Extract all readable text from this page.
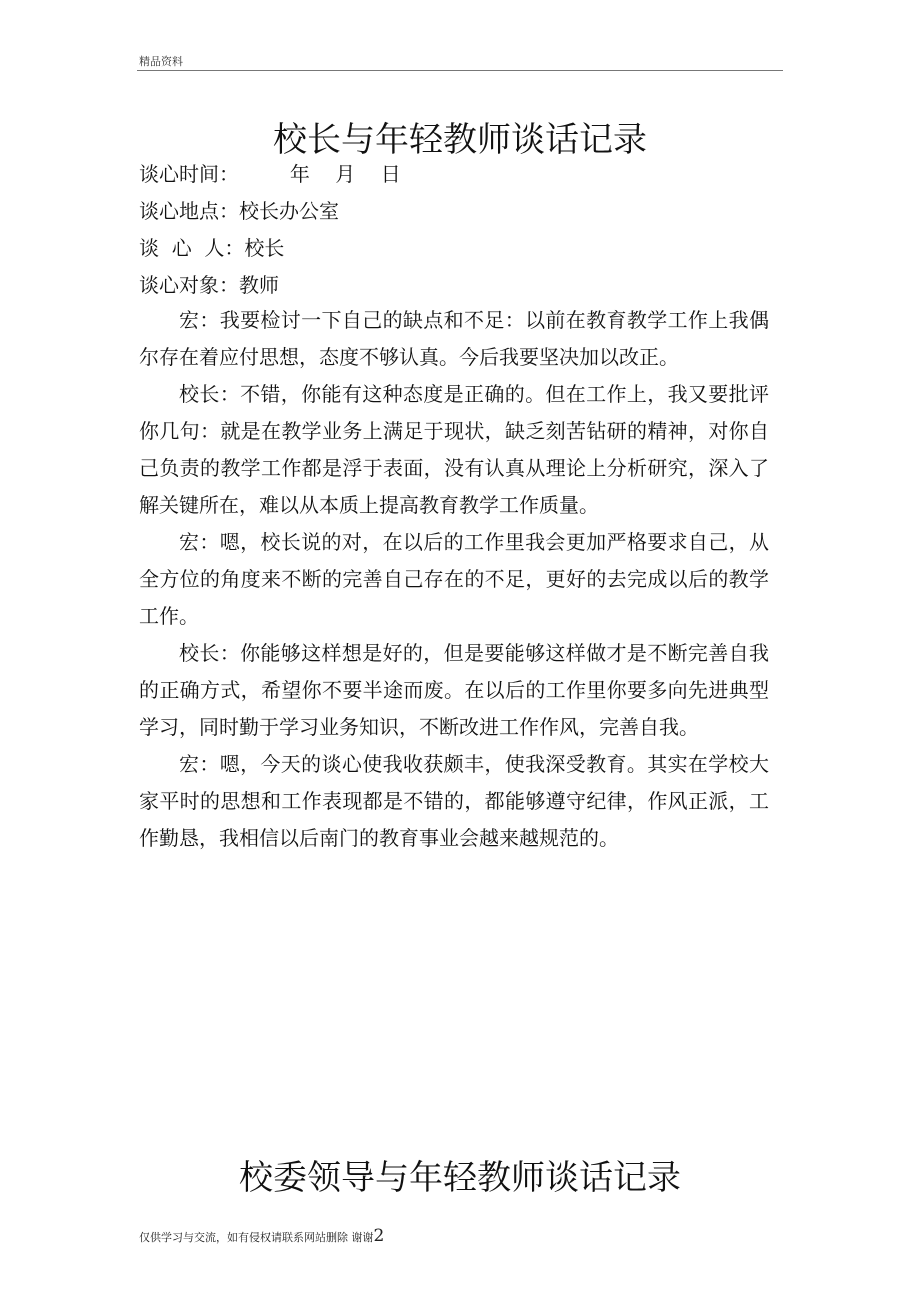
精品资料
校长与年轻教师谈话记录
谈心时间：        年    月    日
谈心地点：校长办公室
谈  心  人：校长
谈心对象：教师

宏：我要检讨一下自己的缺点和不足：以前在教育教学工作上我偶尔存在着应付思想，态度不够认真。今后我要坚决加以改正。

校长：不错，你能有这种态度是正确的。但在工作上，我又要批评你几句：就是在教学业务上满足于现状，缺乏刻苦钻研的精神，对你自己负责的教学工作都是浮于表面，没有认真从理论上分析研究，深入了解关键所在，难以从本质上提高教育教学工作质量。

宏：嗯，校长说的对，在以后的工作里我会更加严格要求自己，从全方位的角度来不断的完善自己存在的不足，更好的去完成以后的教学工作。

校长：你能够这样想是好的，但是要能够这样做才是不断完善自我的正确方式，希望你不要半途而废。在以后的工作里你要多向先进典型学习，同时勤于学习业务知识，不断改进工作作风，完善自我。

宏：嗯，今天的谈心使我收获颇丰，使我深受教育。其实在学校大家平时的思想和工作表现都是不错的，都能够遵守纪律，作风正派，工作勤恳，我相信以后南门的教育事业会越来越规范的。

校委领导与年轻教师谈话记录
仅供学习与交流，如有侵权请联系网站删除 谢谢2
